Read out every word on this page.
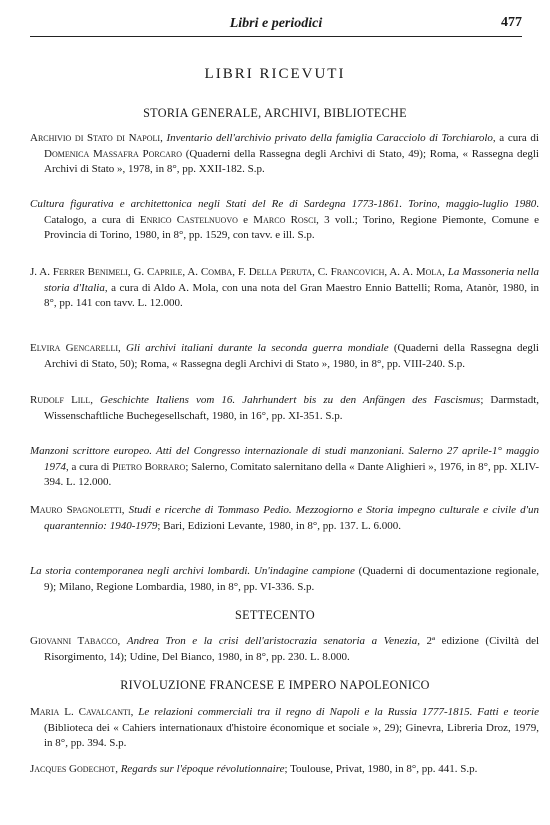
Libri e periodici	477
LIBRI RICEVUTI
STORIA GENERALE, ARCHIVI, BIBLIOTECHE
Archivio di Stato di Napoli, Inventario dell'archivio privato della famiglia Caracciolo di Torchiarolo, a cura di Domenica Massafra Porcaro (Quaderni della Rassegna degli Archivi di Stato, 49); Roma, « Rassegna degli Archivi di Stato », 1978, in 8°, pp. XXII-182. S.p.
Cultura figurativa e architettonica negli Stati del Re di Sardegna 1773-1861. Torino, maggio-luglio 1980. Catalogo, a cura di Enrico Castelnuovo e Marco Rosci, 3 voll.; Torino, Regione Piemonte, Comune e Provincia di Torino, 1980, in 8°, pp. 1529, con tavv. e ill. S.p.
J. A. Ferrer Benimeli, G. Caprile, A. Comba, F. Della Peruta, C. Francovich, A. A. Mola, La Massoneria nella storia d'Italia, a cura di Aldo A. Mola, con una nota del Gran Maestro Ennio Battelli; Roma, Atanòr, 1980, in 8°, pp. 141 con tavv. L. 12.000.
Elvira Gencarelli, Gli archivi italiani durante la seconda guerra mondiale (Quaderni della Rassegna degli Archivi di Stato, 50); Roma, « Rassegna degli Archivi di Stato », 1980, in 8°, pp. VIII-240. S.p.
Rudolf Lill, Geschichte Italiens vom 16. Jahrhundert bis zu den Anfängen des Fascismus; Darmstadt, Wissenschaftliche Buchegesellschaft, 1980, in 16°, pp. XI-351. S.p.
Manzoni scrittore europeo. Atti del Congresso internazionale di studi manzoniani. Salerno 27 aprile-1° maggio 1974, a cura di Pietro Borraro; Salerno, Comitato salernitano della « Dante Alighieri », 1976, in 8°, pp. XLIV-394. L. 12.000.
Mauro Spagnoletti, Studi e ricerche di Tommaso Pedio. Mezzogiorno e Storia impegno culturale e civile d'un quarantennio: 1940-1979; Bari, Edizioni Levante, 1980, in 8°, pp. 137. L. 6.000.
La storia contemporanea negli archivi lombardi. Un'indagine campione (Quaderni di documentazione regionale, 9); Milano, Regione Lombardia, 1980, in 8°, pp. VI-336. S.p.
SETTECENTO
Giovanni Tabacco, Andrea Tron e la crisi dell'aristocrazia senatoria a Venezia, 2ª edizione (Civiltà del Risorgimento, 14); Udine, Del Bianco, 1980, in 8°, pp. 230. L. 8.000.
RIVOLUZIONE FRANCESE E IMPERO NAPOLEONICO
Maria L. Cavalcanti, Le relazioni commerciali tra il regno di Napoli e la Russia 1777-1815. Fatti e teorie (Biblioteca dei « Cahiers internationaux d'histoire économique et sociale », 29); Ginevra, Libreria Droz, 1979, in 8°, pp. 394. S.p.
Jacques Godechot, Regards sur l'époque révolutionnaire; Toulouse, Privat, 1980, in 8°, pp. 441. S.p.
